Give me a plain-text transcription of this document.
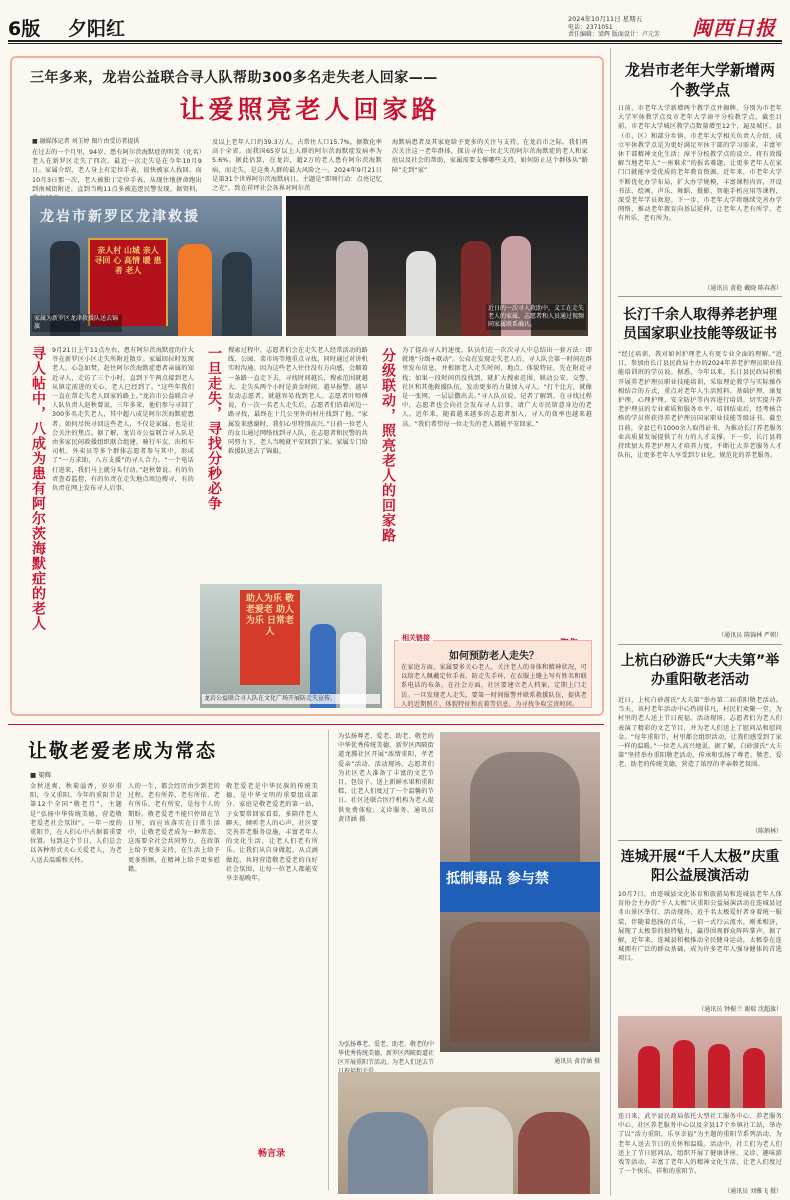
6版 夕阳红	2024年10月11日 星期五
电话：2371051
责任编辑：梁辉 版面设计：卢元芳 闽西日报
三年多来，龙岩公益联合寻人队帮助300多名走失老人回家——
让爱照亮老人回家路
■ 融媒体记者 刘玉婷 图片由受访者提供
在过去的一个月里，94岁、患有阿尔茨海默症的明美（化名）老人在新罗区走失了四次。最近一次走失是在今年10月9日。家属介绍，老人身上有定位手表，很快被家人找回。而10月3日那一次，老人被独丁定位手表，从现住地拼命跑出到南城街附近，直到当晚11点多被巡逻民警发现。据资料，
及以上老年人口约39.3万人，占常住人口15.7%。据数化率高于全省。而我国65岁以上人群的阿尔茨海默症发病率为5.6%。据此估算，在龙岩，超2万的老人患有阿尔茨海默病，而走失，是这类人群的最大风险之一。2024年9月21日是第31个世界阿尔茨海默病日，主题是“即刻行动：点亮记忆之光”。致在祥坪社会各界对阿尔茨
海默病患者及其家庭给予更多的关注与支持。在龙岩市之际，我们再次关注这一老年群体，探访寻找一位走失的阿尔茨海默症的老人和家庭以及社会的帮助，家属需要支撑哪些支持，如何防止这个群体从“路障”走到“家”
龙岩市新罗区龙津救援
亲人村 山城 亲人 寻回 心 高情 暖 患者 老人
家属为新罗区龙津救援队送去锦旗
近日的一次寻人救助中，义工在走失老人的家属、志愿者和人员通过视频同家属联系确认。
寻人帖中，八成为患有阿尔茨海默症的老人	一旦走失，寻找分秒必争	分级联动，照亮老人的回家路
9月21日上午11点左右，患有阿尔茨海默症的什大爷在新罗区小区走失所附近散步。家属回拉时发现老人、心急如焚，赶往阿尔茨海默症患者亲属的知近寻人，走访了三个小时，直到下午两点接到老人从镇定前进的关心，老人已经到了。“这些年我们一直在帮走失老人回家的路上。”龙岩市公益联合寻人队负责人赵秋曾说，三年多来，他们参与寻回了300多名走失老人，其中超八成是阿尔茨海默症患者。如何尽快寻回这些老人，不仅是家属，也是社会关注的焦点。据了解，龙岩市公益联合寻人队是由多家民间救援组织联合组建，骑行车友、出租车司机、外卖员等多个群体志愿者参与其中，形成了“一方求助，八方支援”的寻人合力。“一个电话打进来，我们马上就分头行动。”赵秋曾说。有的负责查看监控，有的负责在走失地点周边搜寻，有的负责在网上发布寻人启事。
搜索过程中，志愿者们会在走失老人经常活动的路线、公园、菜市场等地重点寻找，同时通过对讲机实时沟通。因为这些老人往往没有方向感，会顺着一条路一直走下去，寻找时间越长，搜索范围就越大。走失头两个小时是黄金时间，越早报警、越早发动志愿者，就越容易找到老人。志愿者叶师傅说，有一次一名老人走失后，志愿者们沿着河边一路寻找，最终在十几公里外的村庄找到了他。“家属发来感谢时，我们心里特别高兴。”日前一位老人的女儿通过网络找到寻人队，在志愿者和民警的共同努力下，老人当晚就平安回到了家。家属专门给救援队送去了锦旗。
为了提高寻人的速度，队员们在一次次寻人中总结出一套方法：即就地“分级+联动”。公众在发现走失老人后，寻人队会第一时间在群里发布信息，并根据老人走失时间、地点、体貌特征，先在附近寻找；如果一段时间仍没找到，就扩大搜索范围，联动公安、交警、社区和其他救援队伍，发动更多的力量加入寻人。“打个比方，就像是一张网，一层层撒出去。”寻人队员说。记者了解到，在寻找过程中，志愿者也会向社会发布寻人启事，请广大市民留意身边的老人。近年来，随着越来越多的志愿者加入，寻人的效率也越来越高。“我们希望每一位走失的老人都能平安回家。”
助人为乐 敬老爱老 助人为乐 日常老人
龙岩公益联合寻人队在文化广场开展防走失宣传。
相关链接
如何预防老人走失？
在家庭方面，家属要多关心老人，关注老人的身体和精神状况，可以给老人佩戴定位手表、防走失手环，在衣服上缝上写有姓名和联系电话的布条。在社会方面，社区要建立老人档案，定期上门走访。一旦发现老人走失，要第一时间报警并联系救援队伍，提供老人的近期照片、体貌特征和衣着等信息，为寻找争取宝贵时间。
让敬老爱老成为常态
■ 梁辉
金秋送爽，秋菊溢香，岁岁重阳，今又重阳。今年的重阳节是第12个全国“敬老月”，主题是“弘扬中华传统美德，营造敬老爱老社会氛围”。一年一度的重阳节，在人们心中占据着重要位置。每到这个节日，人们总会以各种形式关心关爱老人，为老人送去温暖和关怀。
人的一生，都会经历由少到老的过程。老有所养、老有所依、老有所乐、老有所安，是每个人的期盼。敬老爱老不能只停留在节日里，而应该落实在日常生活中，让敬老爱老成为一种常态。这需要全社会共同努力，在政策上给予更多支持，在生活上给予更多照顾，在精神上给予更多慰藉。
敬老爱老是中华民族的传统美德，是中华文明的重要组成部分。家庭是敬老爱老的第一站，子女要常回家看看，多陪伴老人聊天，倾听老人的心声。社区要完善养老服务设施，丰富老年人的文化生活，让老人们老有所乐。让我们从自身做起，从点滴做起，共同营造敬老爱老的良好社会氛围，让每一位老人都能安享幸福晚年。
畅言录
为弘扬尊老、爱老、助老、敬老的中华优秀传统美德，新罗区西陂街道龙腾社区开展“浓情重阳，孝老爱亲”活动。活动现场，志愿者们为社区老人准备了丰富的文艺节目，包饺子、送上新鲜水果和重阳糕，让老人们度过了一个温馨的节日。社区还联合医疗机构为老人提供免费体检、义诊服务。通讯员 黄诗涵 摄
抵制毒品 参与禁
通讯员 黄诗涵 摄
为弘扬尊老、爱老、助老、敬老的中华优秀传统美德，新罗区西陂街道社区开展重阳节活动，为老人们送去节
龙岩市老年大学新增两个教学点
日前，市老年大学新增两个教学点并揭牌，分别为市老年大学军休教学点及市老年大学漳平分校教学点。截至目前，市老年大学城区教学点数量增至12个，遍及城区、县（市、区）和部分乡镇。市老年大学相关负责人介绍，成立军休教学点是为更好满足军休干部的学习需求，丰富军休干部精神文化生活；漳平分校教学点的设立，将有效缓解当地老年人“一座难求”的报名难题，让更多老年人在家门口就能享受优质的老年教育资源。近年来，市老年大学不断优化办学布局，扩大办学规模，丰富课程内容，开设书法、绘画、声乐、舞蹈、摄影、智能手机应用等课程，深受老年学员欢迎。下一步，市老年大学将继续完善办学网络，推动老年教育向基层延伸，让老年人老有所学、老有所乐、老有所为。
（通讯员 黄艳 戴晓 陈春燕）
长汀千余人取得养老护理员国家职业技能等级证书
“经过培训，我对如何护理老人有更专业全面的理解。”近日，参加由长汀县民政局主办的2024年养老护理员职业技能培训班的学员说。据悉，今年以来，长汀县民政局积极开展养老护理员职业技能培训，采取理论教学与实际操作相结合的方式，重点对老年人生活照料、基础护理、康复护理、心理护理、安全防护等内容进行培训，切实提升养老护理员的专业素质和服务水平。培训结束后，经考核合格的学员将获得养老护理员国家职业技能等级证书。截至目前，全县已有1000余人取得证书，为推动长汀养老服务业高质量发展提供了有力的人才支撑。下一步，长汀县将持续加大养老护理人才培养力度，不断壮大养老服务人才队伍，让更多老年人享受到专业化、规范化的养老服务。
（通讯员 陈锦林 严朝）
上杭白砂游氏“大夫第”举办重阳敬老活动
近日，上杭白砂游氏“大夫第”举办第二届重阳敬老活动。当天，该村老年活动中心热闹非凡，村民们欢聚一堂，为村里的老人送上节日祝福。活动现场，志愿者们为老人们表演了精彩的文艺节目，并为老人们送上了慰问品和慰问金。“每年重阳节，村里都会组织活动，让我们感受到了家一样的温暖。”一位老人高兴地说。据了解，白砂游氏“大夫第”坚持举办重阳敬老活动，传承和弘扬了尊老、敬老、爱老、助老的传统美德，营造了浓厚的孝亲敬老氛围。
（陈炳林）
连城开展“千人太极”庆重阳公益展演活动
10月7日，由连城县文化体育和旅游局和连城县老年人体育协会主办的“千人太极”庆重阳公益展演活动在连城县冠豸山景区举行。活动现场，近千名太极爱好者身着统一服装，伴随着悠扬的音乐，一招一式行云流水，刚柔相济，展现了太极拳的独特魅力，赢得围观群众阵阵掌声。据了解，近年来，连城县积极推动全民健身运动，太极拳在连城拥有广泛的群众基础，成为许多老年人强身健体的首选项目。
（通讯员 钟振兰 谢瑞 沈超旗）
连日来，武平县民政局依托大型社工服务中心、养老服务中心、社区养老服务中心以及全县17个乡镇社工站，举办了以“活力重阳，乐享幸福”为主题的重阳节系列活动，为老年人送去节日的关怀和温暖。活动中，社工们为老人们送上了节日慰问品，组织开展了健康讲座、义诊、趣味游戏等活动，丰富了老年人的精神文化生活，让老人们度过了一个快乐、祥和的重阳节。
（通讯员 刘雅飞 摄）
